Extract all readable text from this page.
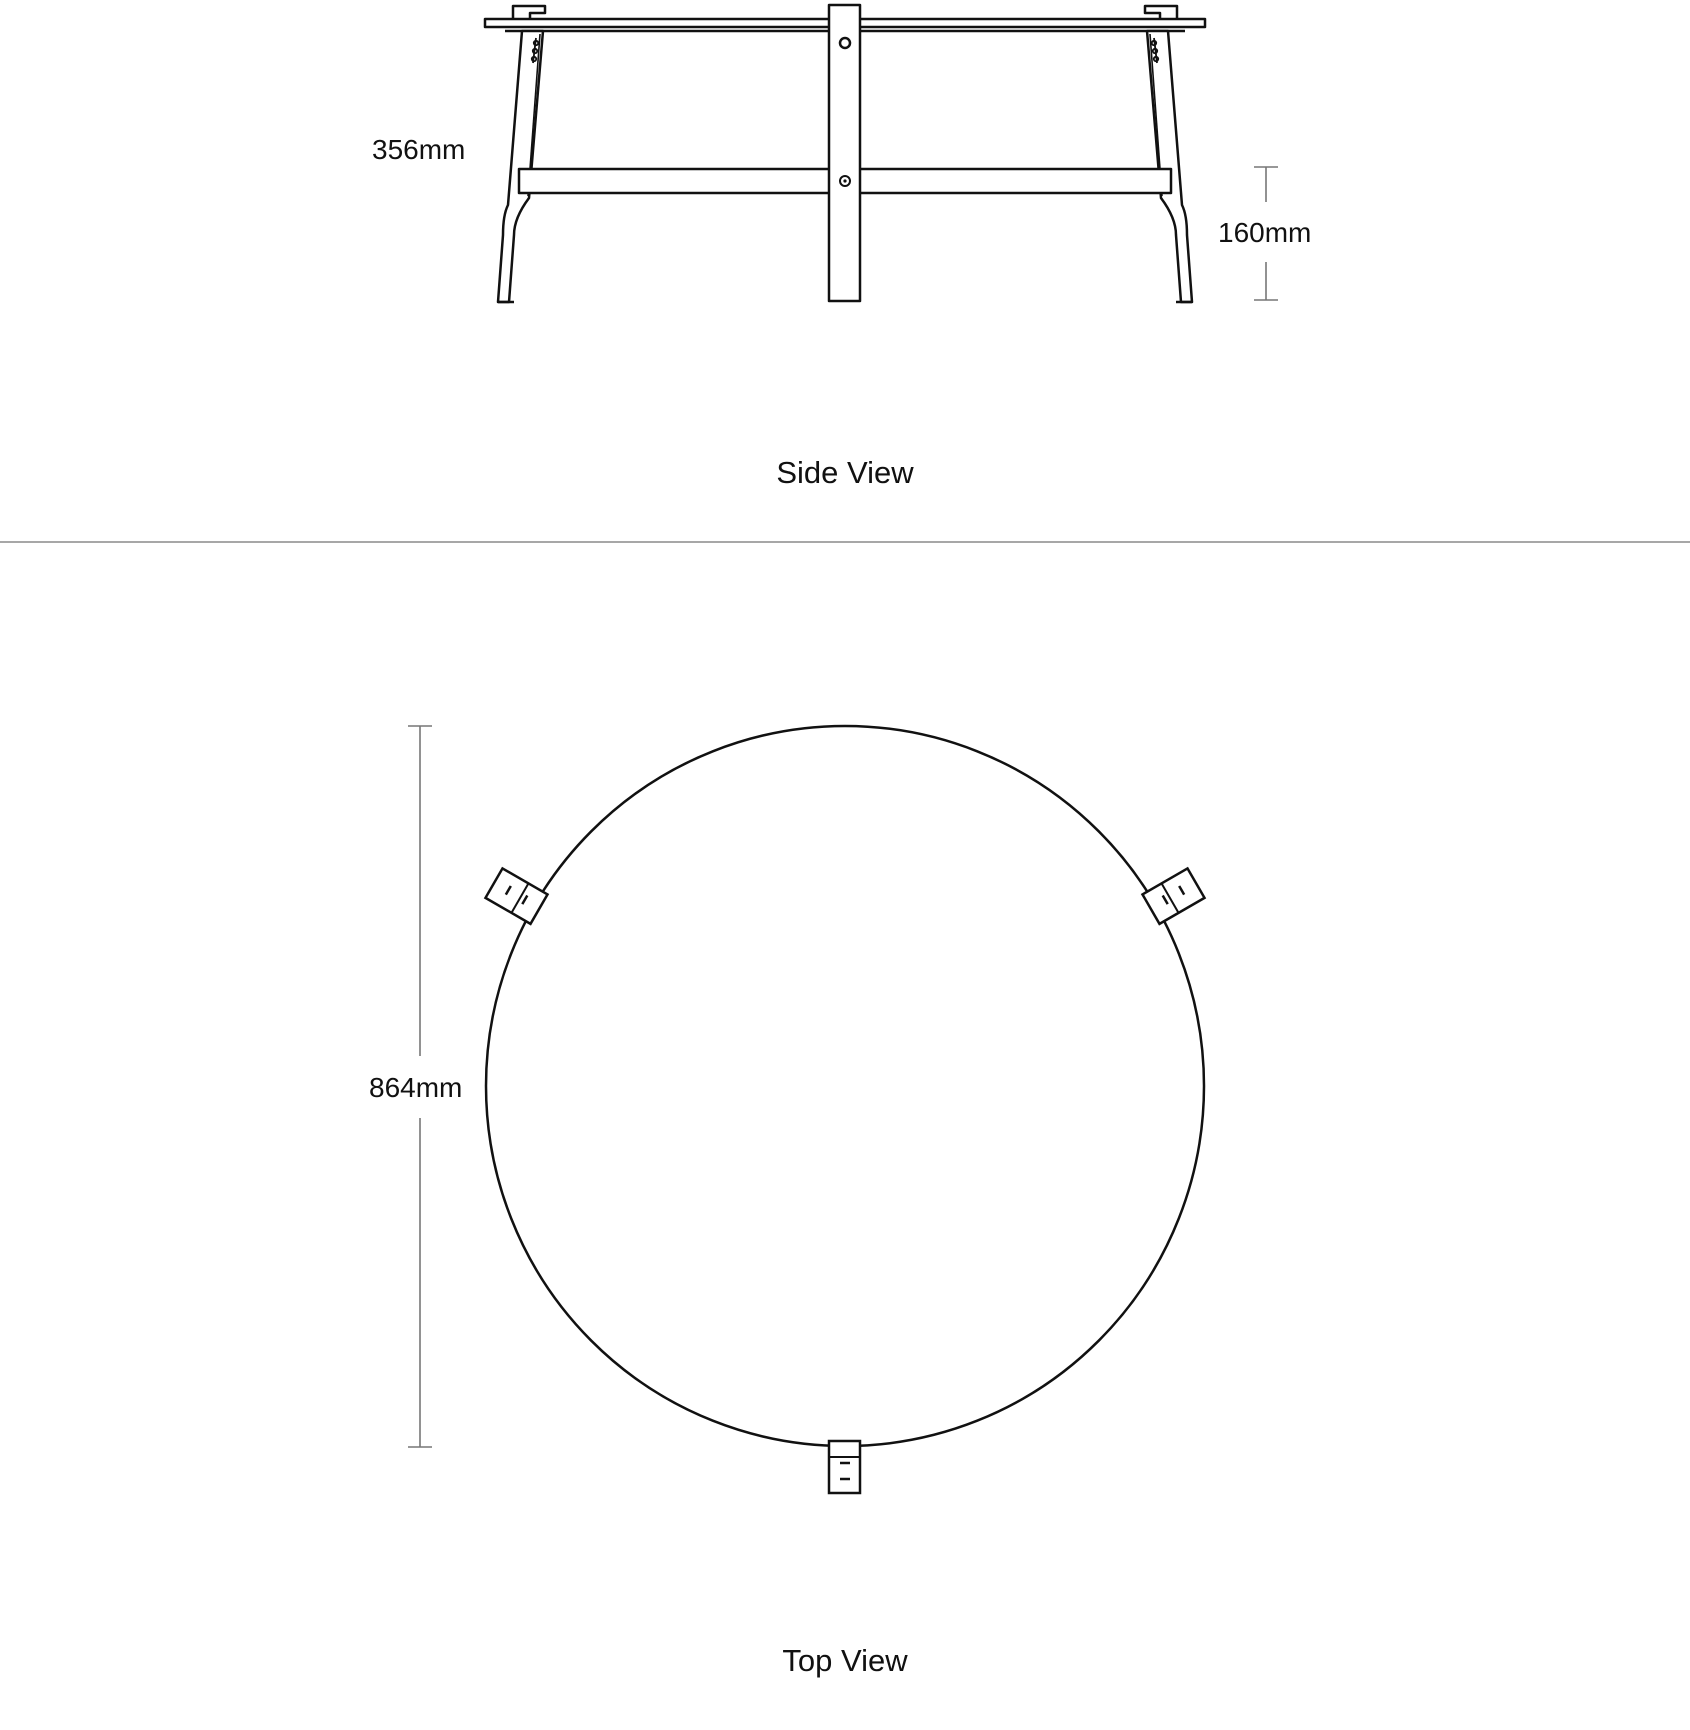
356mm
160mm
Side View
864mm
Top View
